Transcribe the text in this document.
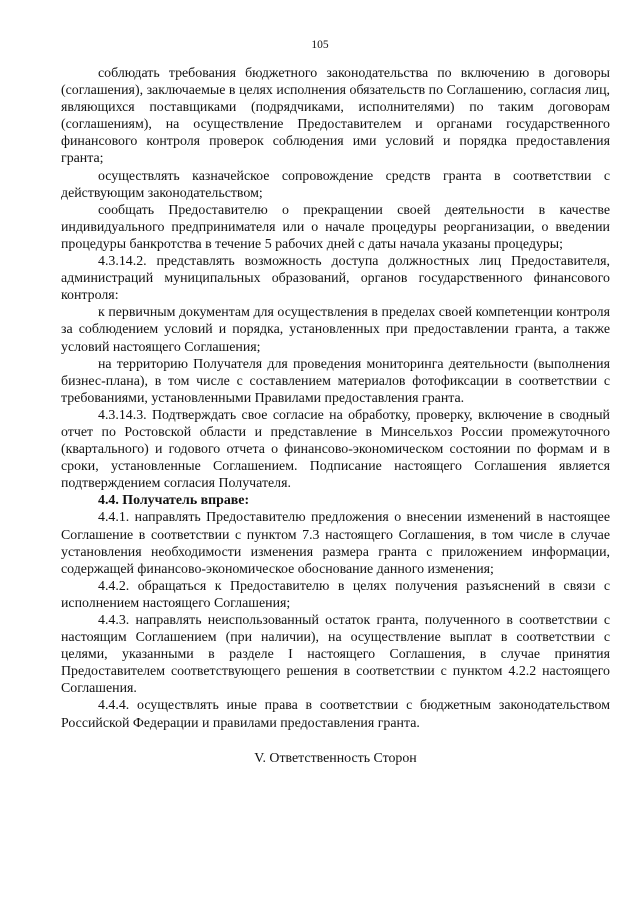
105

соблюдать требования бюджетного законодательства по включению в договоры (соглашения), заключаемые в целях исполнения обязательств по Соглашению, согласия лиц, являющихся поставщиками (подрядчиками, исполнителями) по таким договорам (соглашениям), на осуществление Предоставителем и органами государственного финансового контроля проверок соблюдения ими условий и порядка предоставления гранта;

осуществлять казначейское сопровождение средств гранта в соответствии с действующим законодательством;

сообщать Предоставителю о прекращении своей деятельности в качестве индивидуального предпринимателя или о начале процедуры реорганизации, о введении процедуры банкротства в течение 5 рабочих дней с даты начала указаны процедуры;

4.3.14.2. представлять возможность доступа должностных лиц Предоставителя, администраций муниципальных образований, органов государственного финансового контроля:

к первичным документам для осуществления в пределах своей компетенции контроля за соблюдением условий и порядка, установленных при предоставлении гранта, а также условий настоящего Соглашения;

на территорию Получателя для проведения мониторинга деятельности (выполнения бизнес-плана), в том числе с составлением материалов фотофиксации в соответствии с требованиями, установленными Правилами предоставления гранта.

4.3.14.3. Подтверждать свое согласие на обработку, проверку, включение в сводный отчет по Ростовской области и представление в Минсельхоз России промежуточного (квартального) и годового отчета о финансово-экономическом состоянии по формам и в сроки, установленные Соглашением. Подписание настоящего Соглашения является подтверждением согласия Получателя.

4.4. Получатель вправе:

4.4.1. направлять Предоставителю предложения о внесении изменений в настоящее Соглашение в соответствии с пунктом 7.3 настоящего Соглашения, в том числе в случае установления необходимости изменения размера гранта с приложением информации, содержащей финансово-экономическое обоснование данного изменения;

4.4.2. обращаться к Предоставителю в целях получения разъяснений в связи с исполнением настоящего Соглашения;

4.4.3. направлять неиспользованный остаток гранта, полученного в соответствии с настоящим Соглашением (при наличии), на осуществление выплат в соответствии с целями, указанными в разделе I настоящего Соглашения, в случае принятия Предоставителем соответствующего решения в соответствии с пунктом 4.2.2 настоящего Соглашения.

4.4.4. осуществлять иные права в соответствии с бюджетным законодательством Российской Федерации и правилами предоставления гранта.

V. Ответственность Сторон
